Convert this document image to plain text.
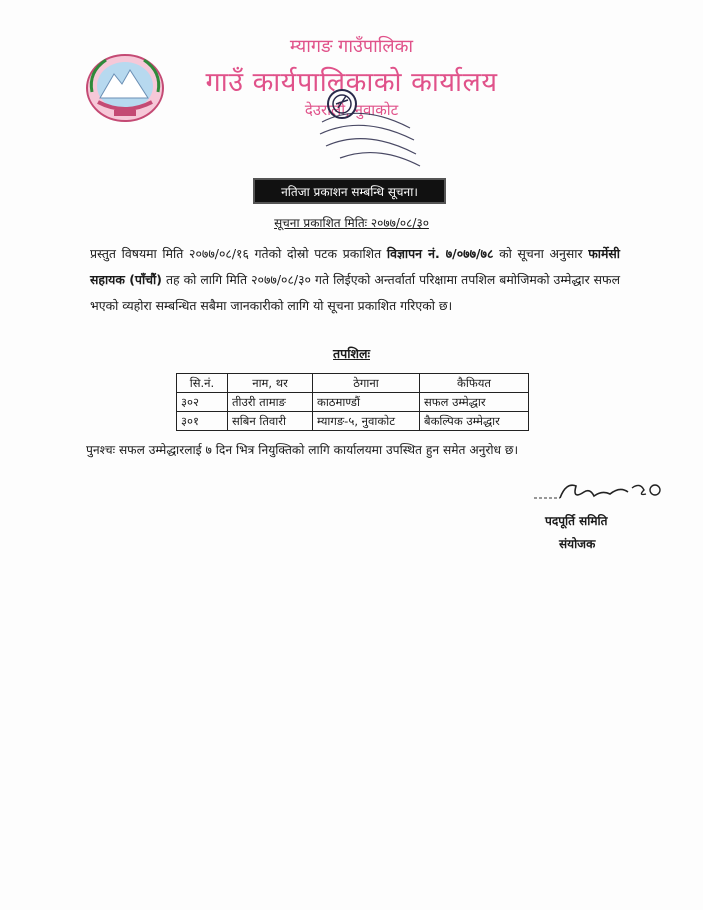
म्यागङ गाउँपालिका
गाउँ कार्यपालिकाको कार्यालय
देउराली, नुवाकोट
नतिजा प्रकाशन सम्बन्धि सूचना।
सूचना प्रकाशित मितिः २०७७/०८/३०
प्रस्तुत विषयमा मिति २०७७/०८/१६ गतेको दोस्रो पटक प्रकाशित विज्ञापन नं. ७/०७७/७८ को सूचना अनुसार फार्मेसी सहायक (पाँचौं) तह को लागि मिति २०७७/०८/३० गते लिईएको अन्तर्वार्ता परिक्षामा तपशिल बमोजिमको उम्मेद्धार सफल भएको व्यहोरा सम्बन्धित सबैमा जानकारीको लागि यो सूचना प्रकाशित गरिएको छ।
तपशिलः
सि.नं.	नाम, थर	ठेगाना	कैफियत
३०२	तीउरी तामाङ	काठमाण्डौं	सफल उम्मेद्धार
३०१	सबिन तिवारी	म्यागङ-५, नुवाकोट	बैकल्पिक उम्मेद्धार
पुनश्चः सफल उम्मेद्धारलाई ७ दिन भित्र नियुक्तिको लागि कार्यालयमा उपस्थित हुन समेत अनुरोध छ।
पदपूर्ति समिति
संयोजक
